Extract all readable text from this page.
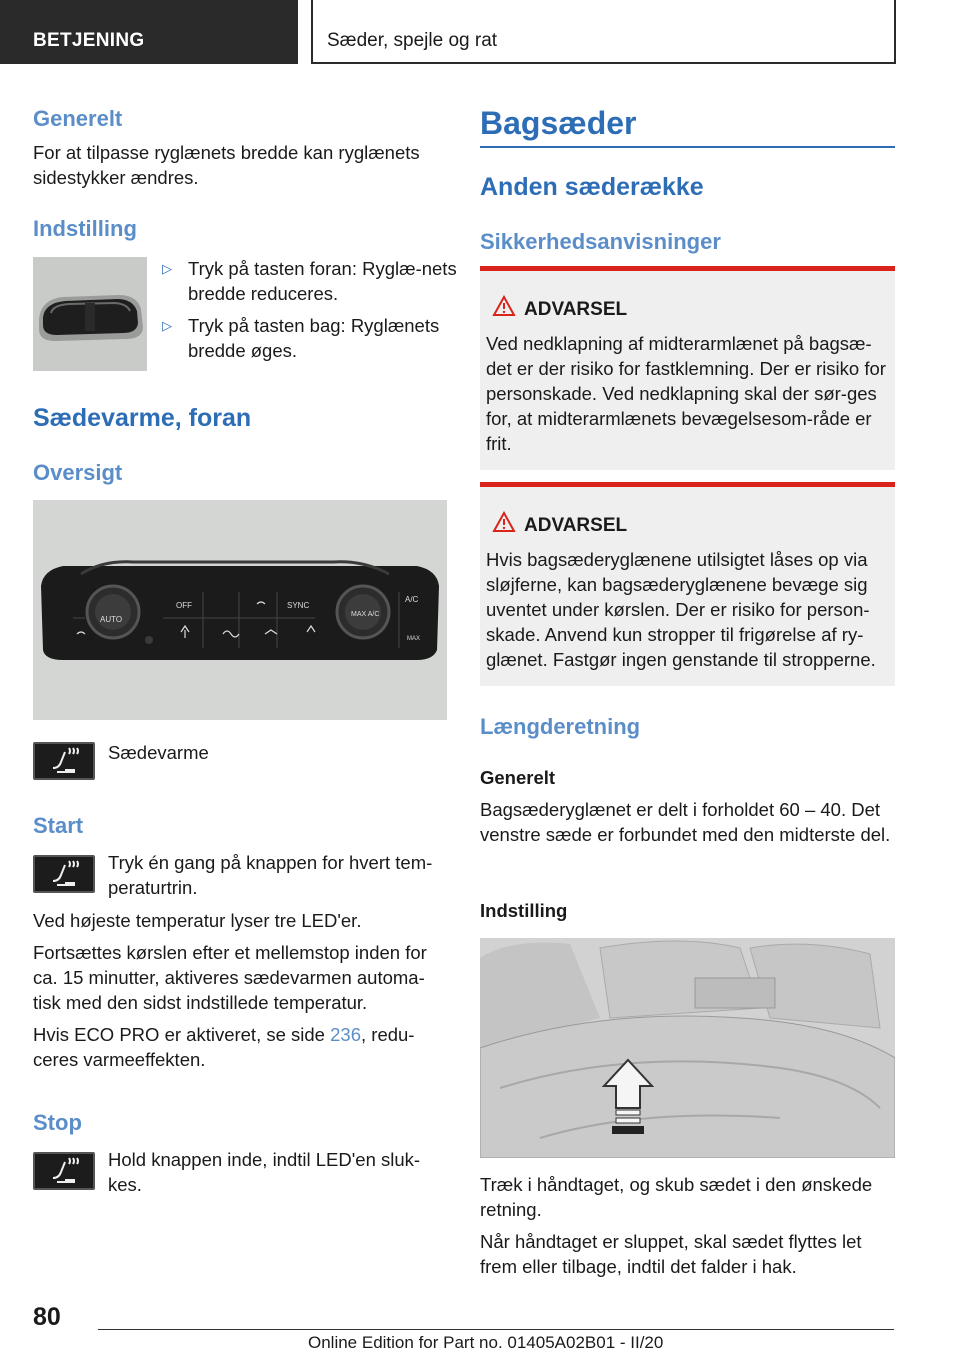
BETJENING	Sæder, spejle og rat
Generelt
For at tilpasse ryglænets bredde kan ryglænets sidestykker ændres.
Indstilling
▷ Tryk på tasten foran: Ryglæ-nets bredde reduceres.
▷ Tryk på tasten bag: Ryglænets bredde øges.
Sædevarme, foran
Oversigt
AUTO
OFF	SYNC
MAX A/C
A/C
MAX
Sædevarme
Start
Tryk én gang på knappen for hvert tem-peraturtrin.
Ved højeste temperatur lyser tre LED'er.
Fortsættes kørslen efter et mellemstop inden for ca. 15 minutter, aktiveres sædevarmen automa-tisk med den sidst indstillede temperatur.
Hvis ECO PRO er aktiveret, se side 236, redu-ceres varmeeffekten.
Stop
Hold knappen inde, indtil LED'en sluk-kes.
Bagsæder
Anden sæderække
Sikkerhedsanvisninger
ADVARSEL
Ved nedklapning af midterarmlænet på bagsæ-det er der risiko for fastklemning. Der er risiko for personskade. Ved nedklapning skal der sør-ges for, at midterarmlænets bevægelsesom-råde er frit.
ADVARSEL
Hvis bagsæderyglænene utilsigtet låses op via sløjferne, kan bagsæderyglænene bevæge sig uventet under kørslen. Der er risiko for person-skade. Anvend kun stropper til frigørelse af ry-glænet. Fastgør ingen genstande til stropperne.
Længderetning
Generelt
Bagsæderyglænet er delt i forholdet 60 – 40. Det venstre sæde er forbundet med den midterste del.
Indstilling
Træk i håndtaget, og skub sædet i den ønskede retning.
Når håndtaget er sluppet, skal sædet flyttes let frem eller tilbage, indtil det falder i hak.
80
Online Edition for Part no. 01405A02B01 - II/20
